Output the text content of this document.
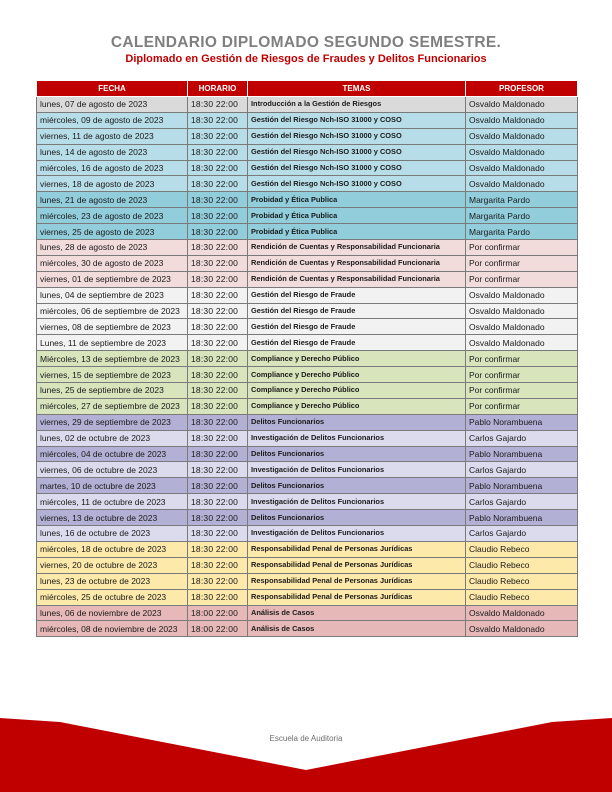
CALENDARIO DIPLOMADO SEGUNDO SEMESTRE.
Diplomado en Gestión de Riesgos de Fraudes y Delitos Funcionarios
FECHA	HORARIO	TEMAS	PROFESOR
lunes, 07 de agosto de 2023	18:30 22:00	Introducción a la Gestión de Riesgos	Osvaldo Maldonado
miércoles, 09 de agosto de 2023	18:30 22:00	Gestión del Riesgo Nch-ISO 31000 y COSO	Osvaldo Maldonado
viernes, 11 de agosto de 2023	18:30 22:00	Gestión del Riesgo Nch-ISO 31000 y COSO	Osvaldo Maldonado
lunes, 14 de agosto de 2023	18:30 22:00	Gestión del Riesgo Nch-ISO 31000 y COSO	Osvaldo Maldonado
miércoles, 16 de agosto de 2023	18:30 22:00	Gestión del Riesgo Nch-ISO 31000 y COSO	Osvaldo Maldonado
viernes, 18 de agosto de 2023	18:30 22:00	Gestión del Riesgo Nch-ISO 31000 y COSO	Osvaldo Maldonado
lunes, 21 de agosto de 2023	18:30 22:00	Probidad y Ética Publica	Margarita Pardo
miércoles, 23 de agosto de 2023	18:30 22:00	Probidad y Ética Publica	Margarita Pardo
viernes, 25 de agosto de 2023	18:30 22:00	Probidad y Ética Publica	Margarita Pardo
lunes, 28 de agosto de 2023	18:30 22:00	Rendición de Cuentas y Responsabilidad Funcionaria	Por confirmar
miércoles, 30 de agosto de 2023	18:30 22:00	Rendición de Cuentas y Responsabilidad Funcionaria	Por confirmar
viernes, 01 de septiembre de 2023	18:30 22:00	Rendición de Cuentas y Responsabilidad Funcionaria	Por confirmar
lunes, 04 de septiembre de 2023	18:30 22:00	Gestión del Riesgo de Fraude	Osvaldo Maldonado
miércoles, 06 de septiembre de 2023	18:30 22:00	Gestión del Riesgo de Fraude	Osvaldo Maldonado
viernes, 08 de septiembre de 2023	18:30 22:00	Gestión del Riesgo de Fraude	Osvaldo Maldonado
Lunes, 11 de septiembre de 2023	18:30 22:00	Gestión del Riesgo de Fraude	Osvaldo Maldonado
Miércoles, 13 de septiembre de 2023	18:30 22:00	Compliance y Derecho Público	Por confirmar
viernes, 15 de septiembre de 2023	18:30 22:00	Compliance y Derecho Público	Por confirmar
lunes, 25 de septiembre de 2023	18:30 22:00	Compliance y Derecho Público	Por confirmar
miércoles, 27 de septiembre de 2023	18:30 22:00	Compliance y Derecho Público	Por confirmar
viernes, 29 de septiembre de 2023	18:30 22:00	Delitos Funcionarios	Pablo Norambuena
lunes, 02 de octubre de 2023	18:30 22:00	Investigación de Delitos Funcionarios	Carlos Gajardo
miércoles, 04 de octubre de 2023	18:30 22:00	Delitos Funcionarios	Pablo Norambuena
viernes, 06 de octubre de 2023	18:30 22:00	Investigación de Delitos Funcionarios	Carlos Gajardo
martes, 10 de octubre de 2023	18:30 22:00	Delitos Funcionarios	Pablo Norambuena
miércoles, 11 de octubre de 2023	18:30 22:00	Investigación de Delitos Funcionarios	Carlos Gajardo
viernes, 13 de octubre de 2023	18:30 22:00	Delitos Funcionarios	Pablo Norambuena
lunes, 16 de octubre de 2023	18:30 22:00	Investigación de Delitos Funcionarios	Carlos Gajardo
miércoles, 18 de octubre de 2023	18:30 22:00	Responsabilidad Penal de Personas Jurídicas	Claudio Rebeco
viernes, 20 de octubre de 2023	18:30 22:00	Responsabilidad Penal de Personas Jurídicas	Claudio Rebeco
lunes, 23 de octubre de 2023	18:30 22:00	Responsabilidad Penal de Personas Jurídicas	Claudio Rebeco
miércoles, 25 de octubre de 2023	18:30 22:00	Responsabilidad Penal de Personas Jurídicas	Claudio Rebeco
lunes, 06 de noviembre de 2023	18:00 22:00	Análisis de Casos	Osvaldo Maldonado
miércoles, 08 de noviembre de 2023	18:00 22:00	Análisis de Casos	Osvaldo Maldonado
Escuela de Auditoria
